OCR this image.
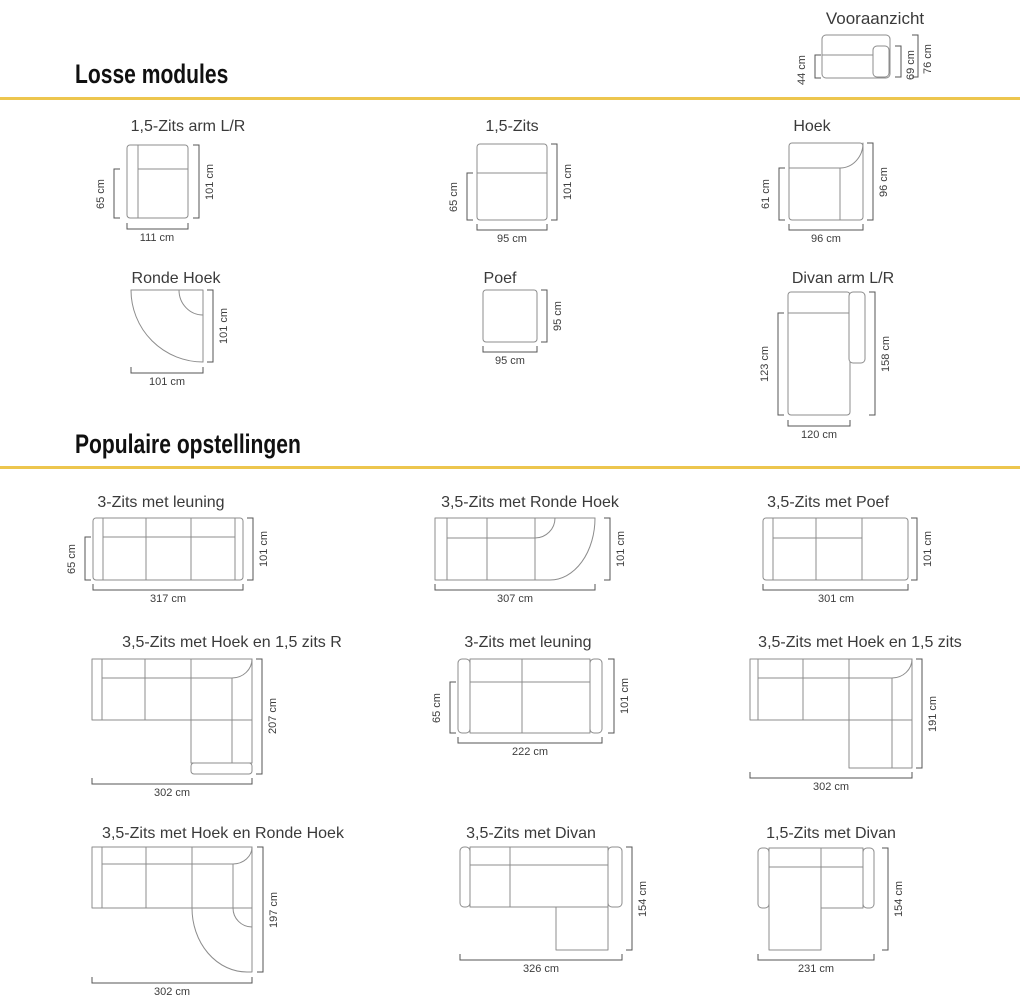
Vooraanzicht
44 cm	69 cm 76 cm
Losse modules
1,5-Zits arm L/R
65 cm	101 cm
111 cm
1,5-Zits
65 cm	101 cm
95 cm
Hoek
61 cm	96 cm
96 cm
Ronde Hoek
101 cm
101 cm
Poef
95 cm
95 cm
Divan arm L/R
123 cm	158 cm
120 cm
Populaire opstellingen
3-Zits met leuning
65 cm	101 cm
317 cm
3,5-Zits met Ronde Hoek
101 cm
307 cm
3,5-Zits met Poef
101 cm
301 cm
3,5-Zits met Hoek en 1,5 zits R
207 cm
302 cm
3-Zits met leuning
65 cm	101 cm
222 cm
3,5-Zits met Hoek en 1,5 zits
191 cm
302 cm
3,5-Zits met Hoek en Ronde Hoek
197 cm
302 cm
3,5-Zits met Divan
154 cm
326 cm
1,5-Zits met Divan
154 cm
231 cm
